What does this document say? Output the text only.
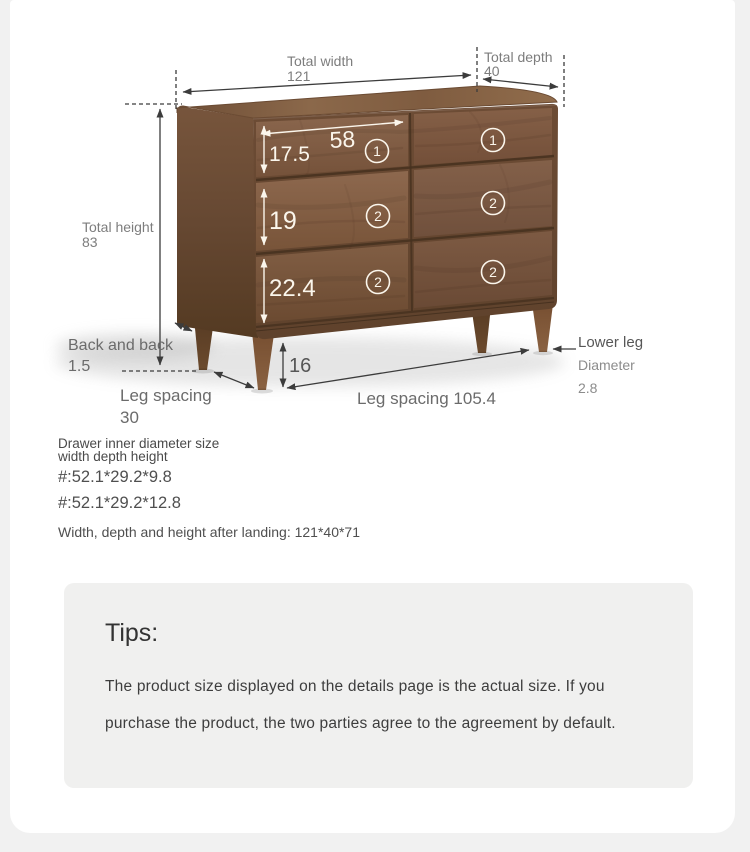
1
1
2
2
2
2
58
17.5
19
22.4
Total width
121
Total depth
40
Total height
83
Back and back
1.5
Leg spacing
30
Leg spacing 105.4
16
Lower leg
Diameter
2.8
Drawer inner diameter size
width depth height
#:52.1*29.2*9.8
#:52.1*29.2*12.8
Width, depth and height after landing: 121*40*71
Tips:
The product size displayed on the details page is the actual size. If you
purchase the product, the two parties agree to the agreement by default.
